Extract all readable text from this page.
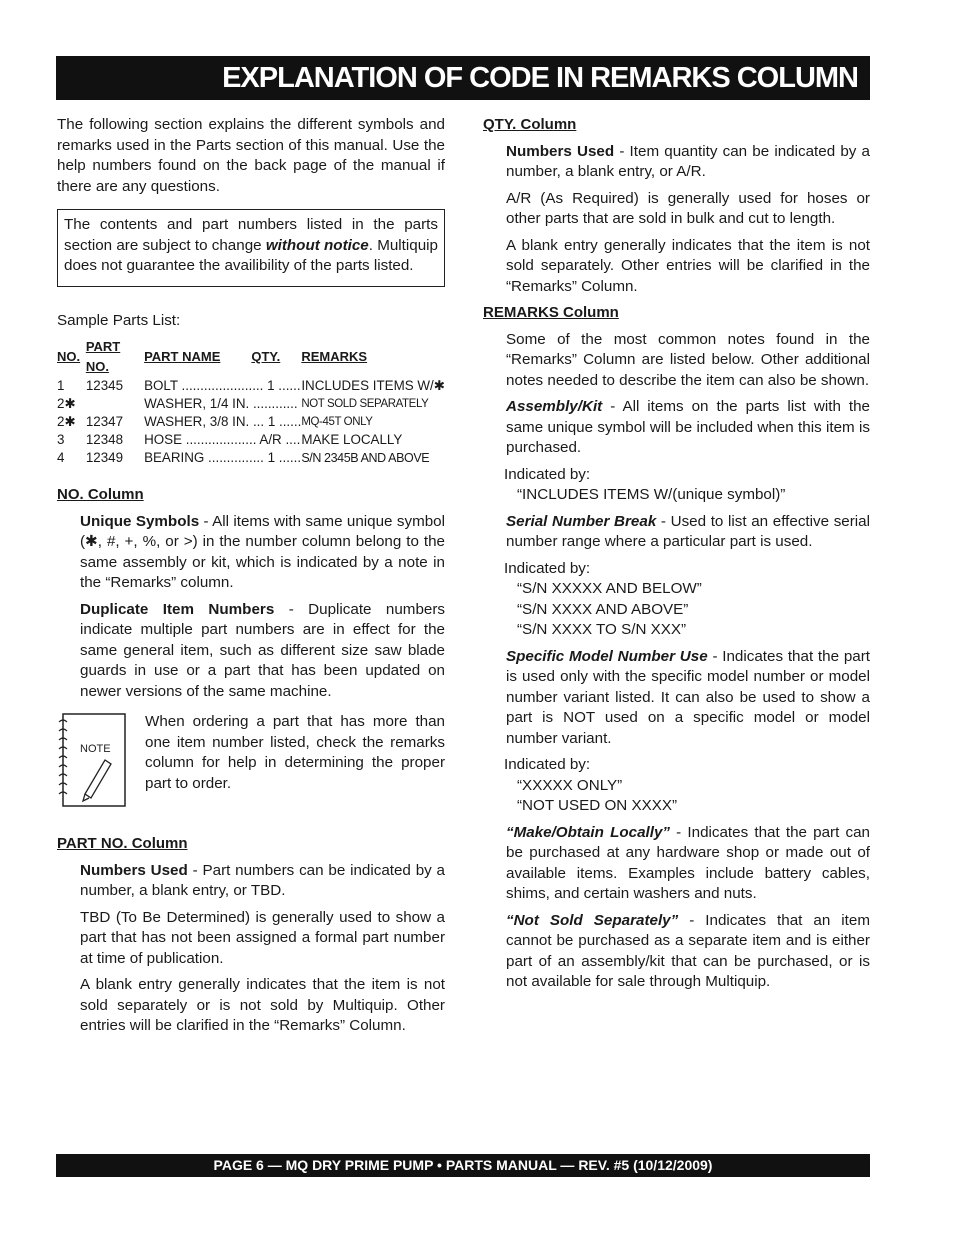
EXPLANATION OF CODE IN REMARKS COLUMN

The following section explains the different symbols and remarks used in the Parts section of this manual. Use the help numbers found on the back page of the manual if there are any questions.

The contents and part numbers listed in the parts section are subject to change without notice. Multiquip does not guarantee the availibility of the parts listed.

Sample Parts List:

NO.	PART NO.	PART NAME QTY.	REMARKS
1	12345	BOLT ...................... 1 ......	INCLUDES ITEMS W/✱
2✱		WASHER, 1/4 IN. ............	NOT SOLD SEPARATELY
2✱	12347	WASHER, 3/8 IN. ... 1 ......	MQ-45T ONLY
3	12348	HOSE ................... A/R ....	MAKE LOCALLY
4	12349	BEARING ............... 1 ......	S/N 2345B AND ABOVE

NO. Column

Unique Symbols - All items with same unique symbol (✱, #, +, %, or >) in the number column belong to the same assembly or kit, which is indicated by a note in the “Remarks” column.

Duplicate Item Numbers - Duplicate numbers indicate multiple part numbers are in effect for the same general item, such as different size saw blade guards in use or a part that has been updated on newer versions of the same machine.

NOTE
When ordering a part that has more than one item number listed, check the remarks column for help in determining the proper part to order.

PART NO. Column

Numbers Used - Part numbers can be indicated by a number, a blank entry, or TBD.

TBD (To Be Determined) is generally used to show a part that has not been assigned a formal part number at time of publication.

A blank entry generally indicates that the item is not sold separately or is not sold by Multiquip. Other entries will be clarified in the “Remarks” Column.

QTY. Column

Numbers Used - Item quantity can be indicated by a number, a blank entry, or A/R.

A/R (As Required) is generally used for hoses or other parts that are sold in bulk and cut to length.

A blank entry generally indicates that the item is not sold separately. Other entries will be clarified in the “Remarks” Column.

REMARKS Column

Some of the most common notes found in the “Remarks” Column are listed below. Other additional notes needed to describe the item can also be shown.

Assembly/Kit - All items on the parts list with the same unique symbol will be included when this item is purchased.

Indicated by:

“INCLUDES ITEMS W/(unique symbol)”

Serial Number Break - Used to list an effective serial number range where a particular part is used.

Indicated by:

“S/N XXXXX AND BELOW”

“S/N XXXX AND ABOVE”

“S/N XXXX TO S/N XXX”

Specific Model Number Use - Indicates that the part is used only with the specific model number or model number variant listed. It can also be used to show a part is NOT used on a specific model or model number variant.

Indicated by:

“XXXXX ONLY”

“NOT USED ON XXXX”

“Make/Obtain Locally” - Indicates that the part can be purchased at any hardware shop or made out of available items. Examples include battery cables, shims, and certain washers and nuts.

“Not Sold Separately” - Indicates that an item cannot be purchased as a separate item and is either part of an assembly/kit that can be purchased, or is not available for sale through Multiquip.

PAGE 6 — MQ DRY PRIME PUMP • PARTS MANUAL — REV. #5 (10/12/2009)
